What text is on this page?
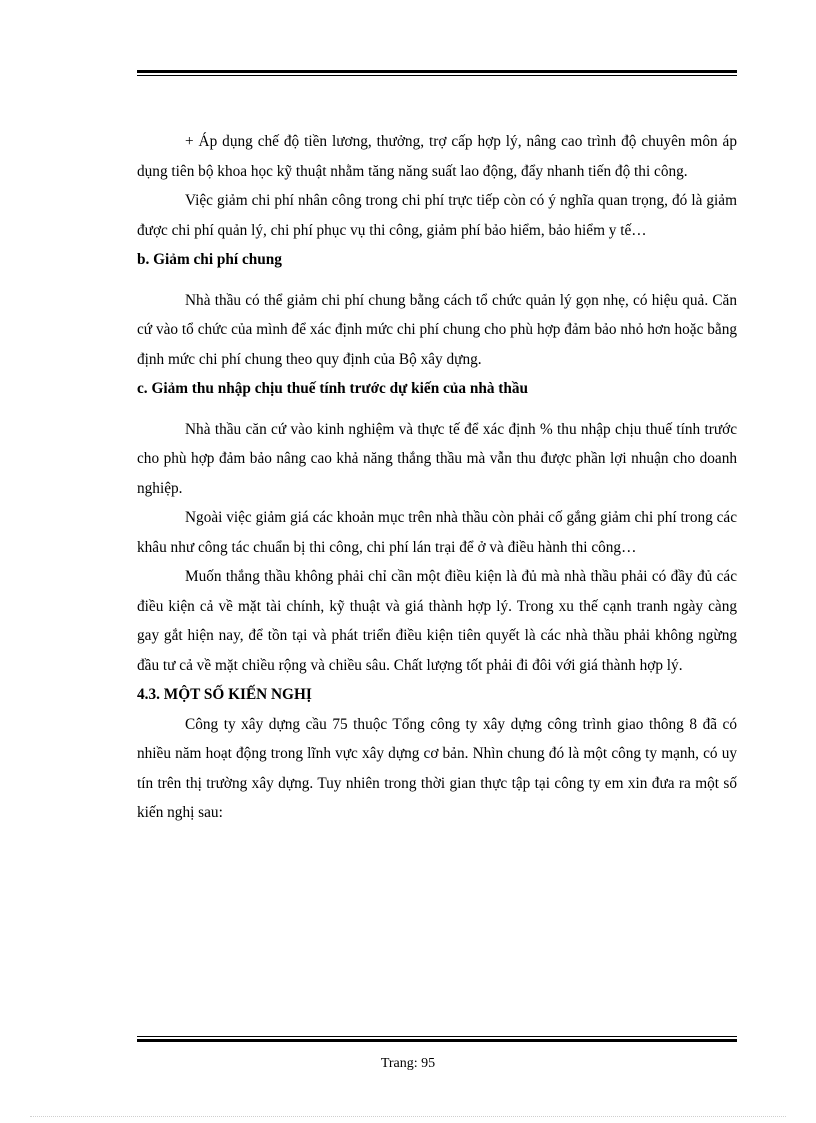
+ Áp dụng chế độ tiền lương, thưởng, trợ cấp hợp lý, nâng cao trình độ chuyên môn áp dụng tiên bộ khoa học kỹ thuật nhằm tăng năng suất lao động, đẩy nhanh tiến độ thi công.

Việc giảm chi phí nhân công trong chi phí trực tiếp còn có ý nghĩa quan trọng, đó là giảm được chi phí quản lý, chi phí phục vụ thi công, giảm phí bảo hiểm, bảo hiểm y tế…

b. Giảm chi phí chung

Nhà thầu có thể giảm chi phí chung bằng cách tổ chức quản lý gọn nhẹ, có hiệu quả. Căn cứ vào tổ chức của mình để xác định mức chi phí chung cho phù hợp đảm bảo nhỏ hơn hoặc bằng định mức chi phí chung theo quy định của Bộ xây dựng.

c. Giảm thu nhập chịu thuế tính trước dự kiến của nhà thầu

Nhà thầu căn cứ vào kinh nghiệm và thực tế để xác định % thu nhập chịu thuế tính trước cho phù hợp đảm bảo nâng cao khả năng thắng thầu mà vẫn thu được phần lợi nhuận cho doanh nghiệp.

Ngoài việc giảm giá các khoản mục trên nhà thầu còn phải cố gắng giảm chi phí trong các khâu như công tác chuẩn bị thi công, chi phí lán trại để ở và điều hành thi công…

Muốn thắng thầu không phải chỉ cần một điều kiện là đủ mà nhà thầu phải có đầy đủ các điều kiện cả về mặt tài chính, kỹ thuật và giá thành hợp lý. Trong xu thế cạnh tranh ngày càng gay gắt hiện nay, để tồn tại và phát triển điều kiện tiên quyết là các nhà thầu phải không ngừng đầu tư cả về mặt chiều rộng và chiều sâu. Chất lượng tốt phải đi đôi với giá thành hợp lý.

4.3. MỘT SỐ KIẾN NGHỊ

Công ty xây dựng cầu 75 thuộc Tổng công ty xây dựng công trình giao thông 8 đã có nhiều năm hoạt động trong lĩnh vực xây dựng cơ bản. Nhìn chung đó là một công ty mạnh, có uy tín trên thị trường xây dựng. Tuy nhiên trong thời gian thực tập tại công ty em xin đưa ra một số kiến nghị sau:

Trang: 95
